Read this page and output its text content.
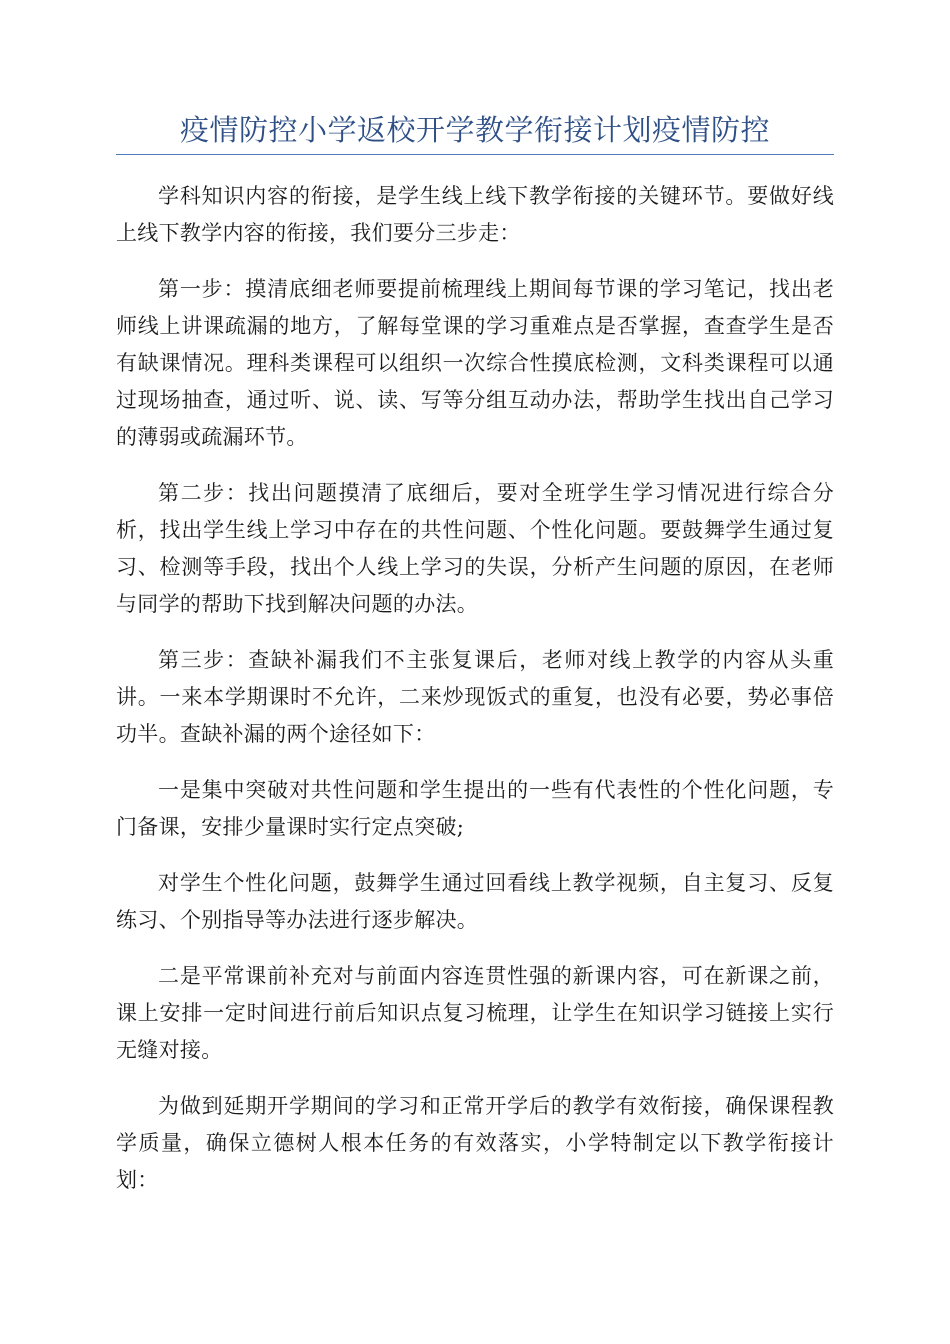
疫情防控小学返校开学教学衔接计划疫情防控

学科知识内容的衔接，是学生线上线下教学衔接的关键环节。要做好线上线下教学内容的衔接，我们要分三步走：

第一步：摸清底细老师要提前梳理线上期间每节课的学习笔记，找出老师线上讲课疏漏的地方，了解每堂课的学习重难点是否掌握，查查学生是否有缺课情况。理科类课程可以组织一次综合性摸底检测，文科类课程可以通过现场抽查，通过听、说、读、写等分组互动办法，帮助学生找出自己学习的薄弱或疏漏环节。

第二步：找出问题摸清了底细后，要对全班学生学习情况进行综合分析，找出学生线上学习中存在的共性问题、个性化问题。要鼓舞学生通过复习、检测等手段，找出个人线上学习的失误，分析产生问题的原因，在老师与同学的帮助下找到解决问题的办法。

第三步：查缺补漏我们不主张复课后，老师对线上教学的内容从头重讲。一来本学期课时不允许，二来炒现饭式的重复，也没有必要，势必事倍功半。查缺补漏的两个途径如下：

一是集中突破对共性问题和学生提出的一些有代表性的个性化问题，专门备课，安排少量课时实行定点突破;

对学生个性化问题，鼓舞学生通过回看线上教学视频，自主复习、反复练习、个别指导等办法进行逐步解决。

二是平常课前补充对与前面内容连贯性强的新课内容，可在新课之前，课上安排一定时间进行前后知识点复习梳理，让学生在知识学习链接上实行无缝对接。

为做到延期开学期间的学习和正常开学后的教学有效衔接，确保课程教学质量，确保立德树人根本任务的有效落实，小学特制定以下教学衔接计划：
